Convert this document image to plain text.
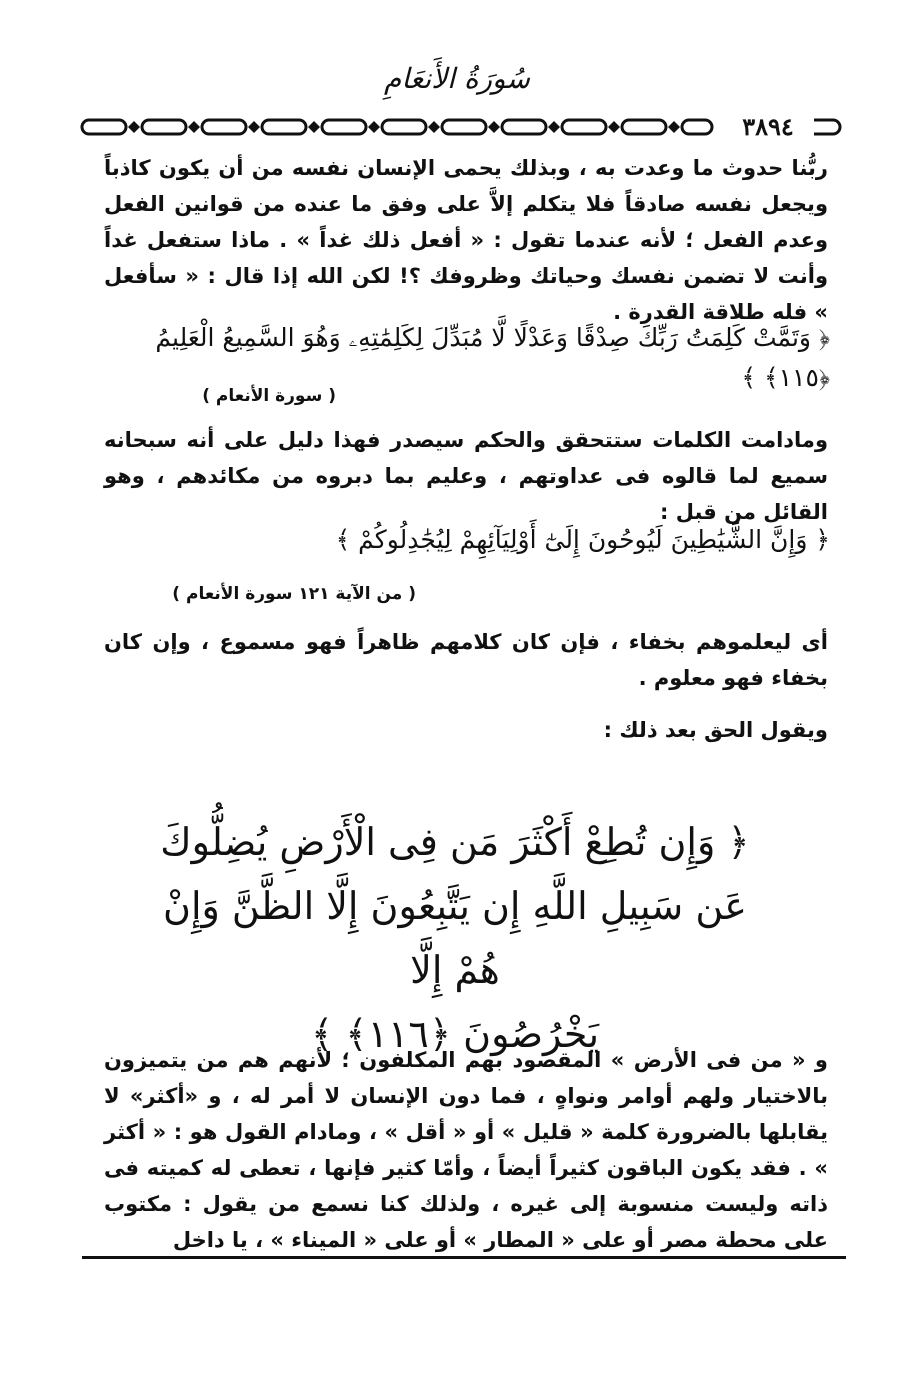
سُورَةُ الأَنعَامِ
٣٨٩٤
ربُّنا حدوث ما وعدت به ، وبذلك يحمى الإنسان نفسه من أن يكون كاذباً ويجعل نفسه صادقاً فلا يتكلم إلاَّ على وفق ما عنده من قوانين الفعل وعدم الفعل ؛ لأنه عندما تقول : « أفعل ذلك غداً » . ماذا ستفعل غداً وأنت لا تضمن نفسك وحياتك وظروفك ؟! لكن الله إذا قال : « سأفعل » فله طلاقة القدرة .
﴿ وَتَمَّتْ كَلِمَتُ رَبِّكَ صِدْقًا وَعَدْلًا لَّا مُبَدِّلَ لِكَلِمَٰتِهِۦ وَهُوَ السَّمِيعُ الْعَلِيمُ ﴿١١٥﴾ ﴾
( سورة الأنعام )
ومادامت الكلمات ستتحقق والحكم سيصدر فهذا دليل على أنه سبحانه سميع لما قالوه فى عداوتهم ، وعليم بما دبروه من مكائدهم ، وهو القائل من قبل :
﴿ وَإِنَّ الشَّيَٰطِينَ لَيُوحُونَ إِلَىٰٓ أَوْلِيَآئِهِمْ لِيُجَٰدِلُوكُمْ ﴾
( من الآية ١٢١ سورة الأنعام )
أى ليعلموهم بخفاء ، فإن كان كلامهم ظاهراً فهو مسموع ، وإن كان بخفاء فهو معلوم .
ويقول الحق بعد ذلك :
﴿ وَإِن تُطِعْ أَكْثَرَ مَن فِى الْأَرْضِ يُضِلُّوكَ
عَن سَبِيلِ اللَّهِ إِن يَتَّبِعُونَ إِلَّا الظَّنَّ وَإِنْ هُمْ إِلَّا
يَخْرُصُونَ ﴿١١٦﴾ ﴾
و « من فى الأرض » المقصود بهم المكلفون ؛ لأنهم هم من يتميزون بالاختيار ولهم أوامر ونواهٍ ، فما دون الإنسان لا أمر له ، و «أكثر» لا يقابلها بالضرورة كلمة « قليل » أو « أقل » ، ومادام القول هو : « أكثر » . فقد يكون الباقون كثيراً أيضاً ، وأمّا كثير فإنها ، تعطى له كميته فى ذاته وليست منسوبة إلى غيره ، ولذلك كنا نسمع من يقول : مكتوب على محطة مصر أو على « المطار » أو على « الميناء » ، يا داخل
